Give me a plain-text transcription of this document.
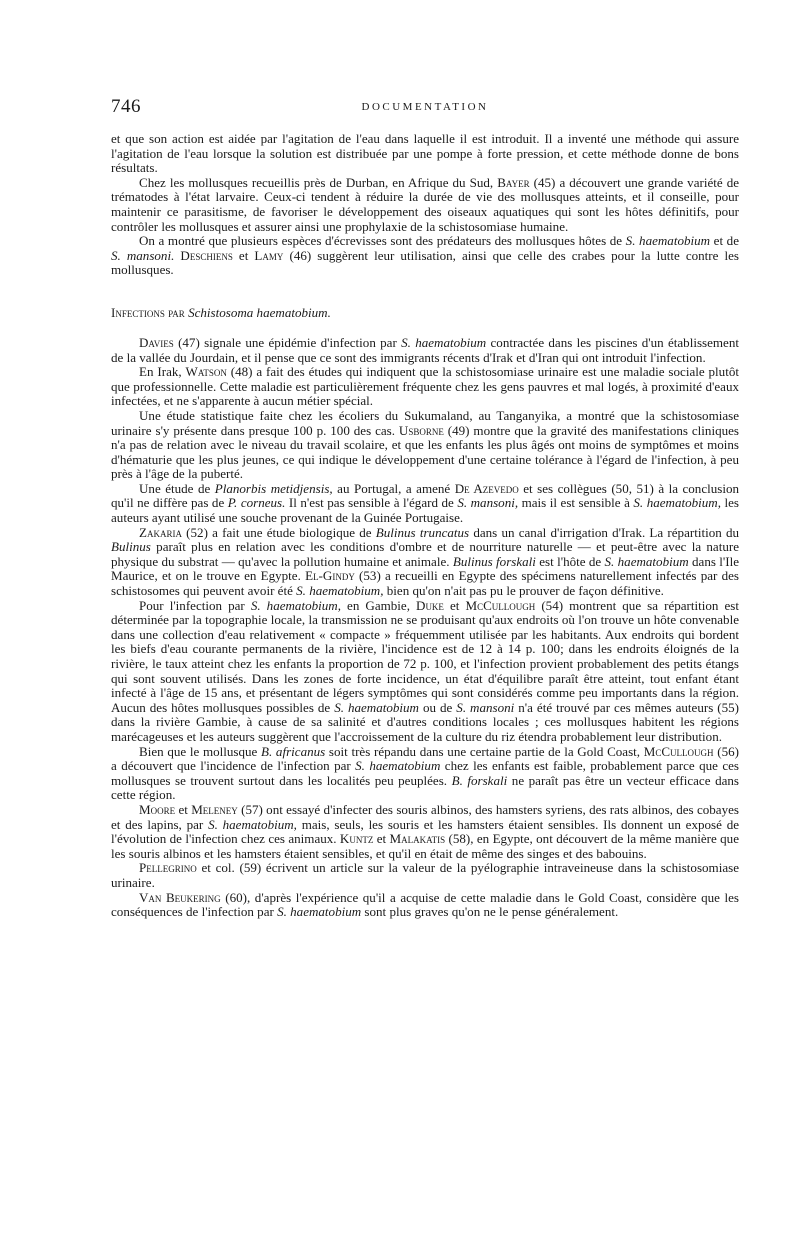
746	DOCUMENTATION

et que son action est aidée par l'agitation de l'eau dans laquelle il est introduit. Il a inventé une méthode qui assure l'agitation de l'eau lorsque la solution est distribuée par une pompe à forte pression, et cette méthode donne de bons résultats.

Chez les mollusques recueillis près de Durban, en Afrique du Sud, Bayer (45) a découvert une grande variété de trématodes à l'état larvaire. Ceux-ci tendent à réduire la durée de vie des mollusques atteints, et il conseille, pour maintenir ce parasitisme, de favoriser le développement des oiseaux aquatiques qui sont les hôtes définitifs, pour contrôler les mollusques et assurer ainsi une prophylaxie de la schistosomiase humaine.

On a montré que plusieurs espèces d'écrevisses sont des prédateurs des mollusques hôtes de S. haematobium et de S. mansoni. Deschiens et Lamy (46) suggèrent leur utilisation, ainsi que celle des crabes pour la lutte contre les mollusques.

Infections par Schistosoma haematobium.

Davies (47) signale une épidémie d'infection par S. haematobium contractée dans les piscines d'un établissement de la vallée du Jourdain, et il pense que ce sont des immigrants récents d'Irak et d'Iran qui ont introduit l'infection.

En Irak, Watson (48) a fait des études qui indiquent que la schistosomiase urinaire est une maladie sociale plutôt que professionnelle. Cette maladie est particulièrement fréquente chez les gens pauvres et mal logés, à proximité d'eaux infectées, et ne s'apparente à aucun métier spécial.

Une étude statistique faite chez les écoliers du Sukumaland, au Tanganyika, a montré que la schistosomiase urinaire s'y présente dans presque 100 p. 100 des cas. Usborne (49) montre que la gravité des manifestations cliniques n'a pas de relation avec le niveau du travail scolaire, et que les enfants les plus âgés ont moins de symptômes et moins d'hématurie que les plus jeunes, ce qui indique le développement d'une certaine tolérance à l'égard de l'infection, à peu près à l'âge de la puberté.

Une étude de Planorbis metidjensis, au Portugal, a amené De Azevedo et ses collègues (50, 51) à la conclusion qu'il ne diffère pas de P. corneus. Il n'est pas sensible à l'égard de S. mansoni, mais il est sensible à S. haematobium, les auteurs ayant utilisé une souche provenant de la Guinée Portugaise.

Zakaria (52) a fait une étude biologique de Bulinus truncatus dans un canal d'irrigation d'Irak. La répartition du Bulinus paraît plus en relation avec les conditions d'ombre et de nourriture naturelle — et peut-être avec la nature physique du substrat — qu'avec la pollution humaine et animale. Bulinus forskali est l'hôte de S. haematobium dans l'Ile Maurice, et on le trouve en Egypte. El-Gindy (53) a recueilli en Egypte des spécimens naturellement infectés par des schistosomes qui peuvent avoir été S. haematobium, bien qu'on n'ait pas pu le prouver de façon définitive.

Pour l'infection par S. haematobium, en Gambie, Duke et McCullough (54) montrent que sa répartition est déterminée par la topographie locale, la transmission ne se produisant qu'aux endroits où l'on trouve un hôte convenable dans une collection d'eau relativement « compacte » fréquemment utilisée par les habitants. Aux endroits qui bordent les biefs d'eau courante permanents de la rivière, l'incidence est de 12 à 14 p. 100; dans les endroits éloignés de la rivière, le taux atteint chez les enfants la proportion de 72 p. 100, et l'infection provient probablement des petits étangs qui sont souvent utilisés. Dans les zones de forte incidence, un état d'équilibre paraît être atteint, tout enfant étant infecté à l'âge de 15 ans, et présentant de légers symptômes qui sont considérés comme peu importants dans la région. Aucun des hôtes mollusques possibles de S. haematobium ou de S. mansoni n'a été trouvé par ces mêmes auteurs (55) dans la rivière Gambie, à cause de sa salinité et d'autres conditions locales ; ces mollusques habitent les régions marécageuses et les auteurs suggèrent que l'accroissement de la culture du riz étendra probablement leur distribution.

Bien que le mollusque B. africanus soit très répandu dans une certaine partie de la Gold Coast, McCullough (56) a découvert que l'incidence de l'infection par S. haematobium chez les enfants est faible, probablement parce que ces mollusques se trouvent surtout dans les localités peu peuplées. B. forskali ne paraît pas être un vecteur efficace dans cette région.

Moore et Meleney (57) ont essayé d'infecter des souris albinos, des hamsters syriens, des rats albinos, des cobayes et des lapins, par S. haematobium, mais, seuls, les souris et les hamsters étaient sensibles. Ils donnent un exposé de l'évolution de l'infection chez ces animaux. Kuntz et Malakatis (58), en Egypte, ont découvert de la même manière que les souris albinos et les hamsters étaient sensibles, et qu'il en était de même des singes et des babouins.

Pellegrino et col. (59) écrivent un article sur la valeur de la pyélographie intraveineuse dans la schistosomiase urinaire.

Van Beukering (60), d'après l'expérience qu'il a acquise de cette maladie dans le Gold Coast, considère que les conséquences de l'infection par S. haematobium sont plus graves qu'on ne le pense généralement.
